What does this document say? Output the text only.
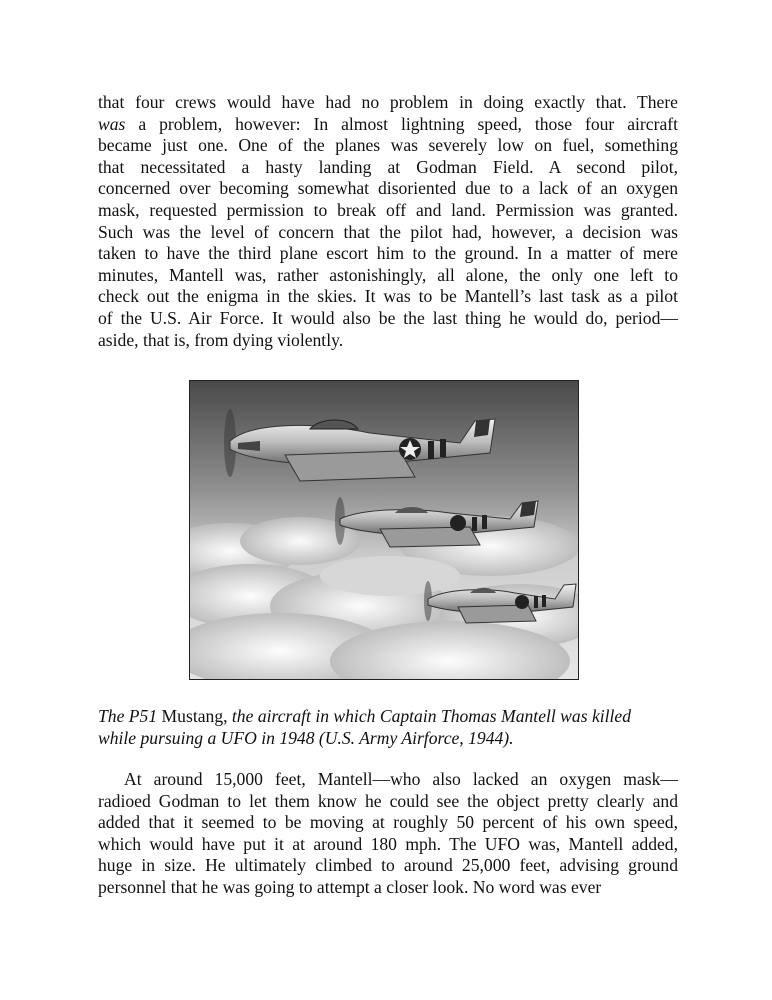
that four crews would have had no problem in doing exactly that. There
was a problem, however: In almost lightning speed, those four aircraft
became just one. One of the planes was severely low on fuel, something
that necessitated a hasty landing at Godman Field. A second pilot,
concerned over becoming somewhat disoriented due to a lack of an oxygen
mask, requested permission to break off and land. Permission was granted.
Such was the level of concern that the pilot had, however, a decision was
taken to have the third plane escort him to the ground. In a matter of mere
minutes, Mantell was, rather astonishingly, all alone, the only one left to
check out the enigma in the skies. It was to be Mantell’s last task as a pilot
of the U.S. Air Force. It would also be the last thing he would do, period—
aside, that is, from dying violently.

The P51 Mustang, the aircraft in which Captain Thomas Mantell was killed
while pursuing a UFO in 1948 (U.S. Army Airforce, 1944).

At around 15,000 feet, Mantell—who also lacked an oxygen mask—
radioed Godman to let them know he could see the object pretty clearly and
added that it seemed to be moving at roughly 50 percent of his own speed,
which would have put it at around 180 mph. The UFO was, Mantell added,
huge in size. He ultimately climbed to around 25,000 feet, advising ground
personnel that he was going to attempt a closer look. No word was ever
